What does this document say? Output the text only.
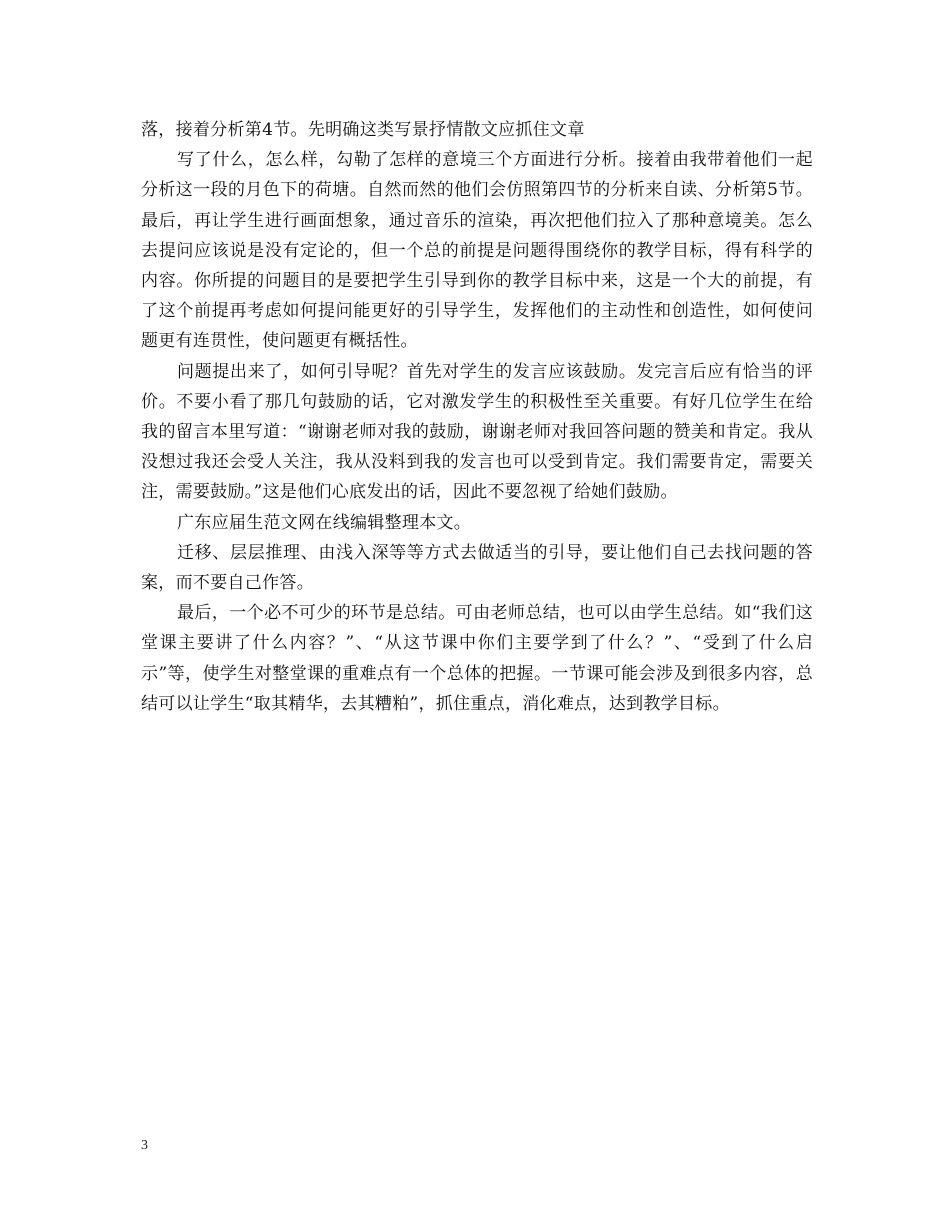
落，接着分析第4节。先明确这类写景抒情散文应抓住文章

写了什么，怎么样，勾勒了怎样的意境三个方面进行分析。接着由我带着他们一起分析这一段的月色下的荷塘。自然而然的他们会仿照第四节的分析来自读、分析第5节。最后，再让学生进行画面想象，通过音乐的渲染，再次把他们拉入了那种意境美。怎么去提问应该说是没有定论的，但一个总的前提是问题得围绕你的教学目标，得有科学的内容。你所提的问题目的是要把学生引导到你的教学目标中来，这是一个大的前提，有了这个前提再考虑如何提问能更好的引导学生，发挥他们的主动性和创造性，如何使问题更有连贯性，使问题更有概括性。

问题提出来了，如何引导呢？首先对学生的发言应该鼓励。发完言后应有恰当的评价。不要小看了那几句鼓励的话，它对激发学生的积极性至关重要。有好几位学生在给我的留言本里写道：“谢谢老师对我的鼓励，谢谢老师对我回答问题的赞美和肯定。我从没想过我还会受人关注，我从没料到我的发言也可以受到肯定。我们需要肯定，需要关注，需要鼓励。”这是他们心底发出的话，因此不要忽视了给她们鼓励。

广东应届生范文网在线编辑整理本文。

迁移、层层推理、由浅入深等等方式去做适当的引导，要让他们自己去找问题的答案，而不要自己作答。

最后，一个必不可少的环节是总结。可由老师总结，也可以由学生总结。如“我们这堂课主要讲了什么内容？”、“从这节课中你们主要学到了什么？”、“受到了什么启示”等，使学生对整堂课的重难点有一个总体的把握。一节课可能会涉及到很多内容，总结可以让学生“取其精华，去其糟粕”，抓住重点，消化难点，达到教学目标。

3
